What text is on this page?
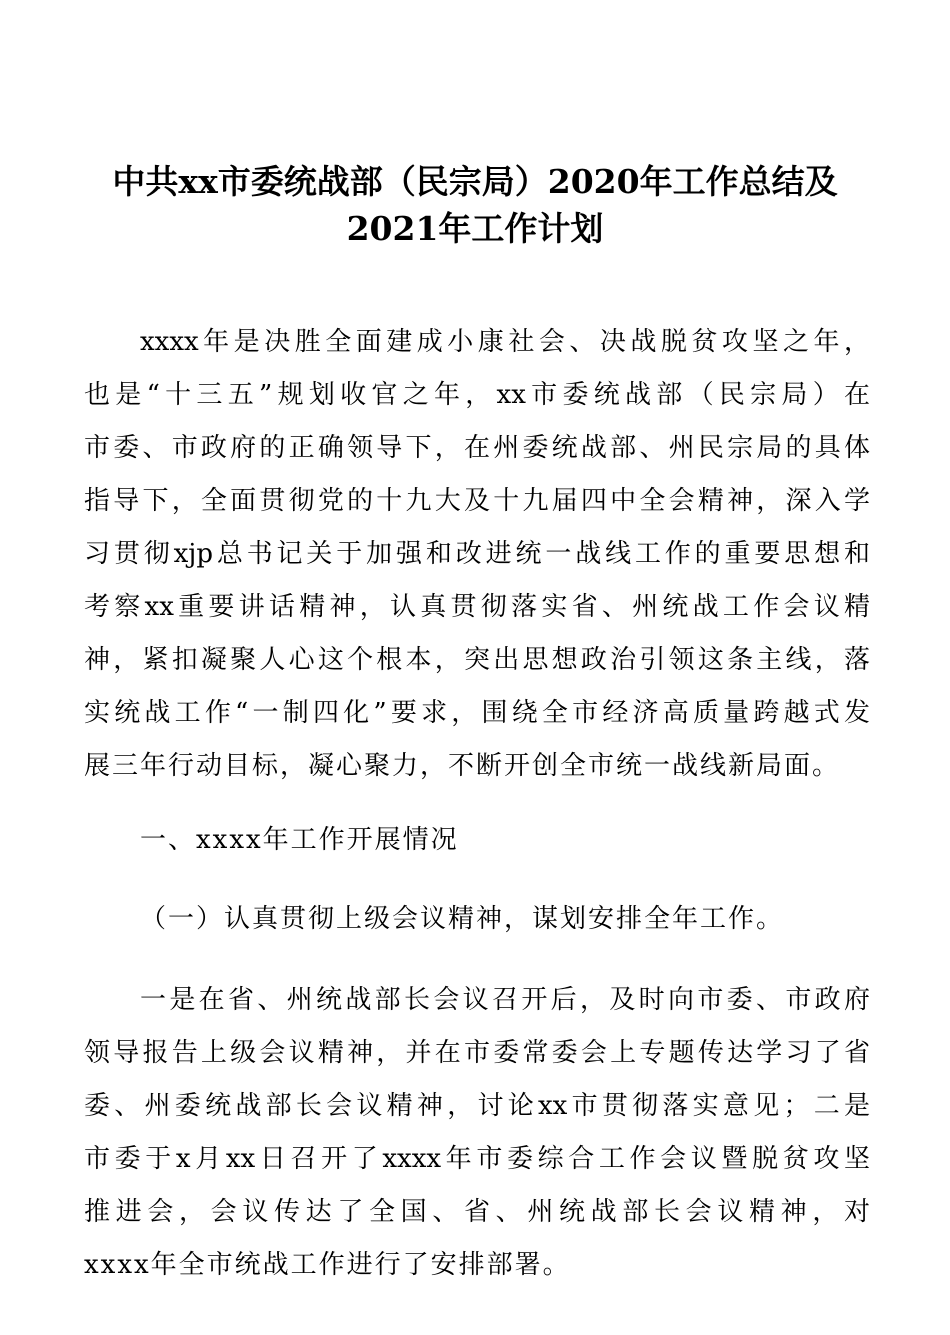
中共xx市委统战部（民宗局）2020年工作总结及
2021年工作计划
xxxx年是决胜全面建成小康社会、决战脱贫攻坚之年，
也是“十三五”规划收官之年，xx市委统战部（民宗局）在
市委、市政府的正确领导下，在州委统战部、州民宗局的具体
指导下，全面贯彻党的十九大及十九届四中全会精神，深入学
习贯彻xjp总书记关于加强和改进统一战线工作的重要思想和
考察xx重要讲话精神，认真贯彻落实省、州统战工作会议精
神，紧扣凝聚人心这个根本，突出思想政治引领这条主线，落
实统战工作“一制四化”要求，围绕全市经济高质量跨越式发
展三年行动目标，凝心聚力，不断开创全市统一战线新局面。
一、xxxx年工作开展情况
（一）认真贯彻上级会议精神，谋划安排全年工作。
一是在省、州统战部长会议召开后，及时向市委、市政府
领导报告上级会议精神，并在市委常委会上专题传达学习了省
委、州委统战部长会议精神，讨论xx市贯彻落实意见；二是
市委于x月xx日召开了xxxx年市委综合工作会议暨脱贫攻坚
推进会，会议传达了全国、省、州统战部长会议精神，对
xxxx年全市统战工作进行了安排部署。
